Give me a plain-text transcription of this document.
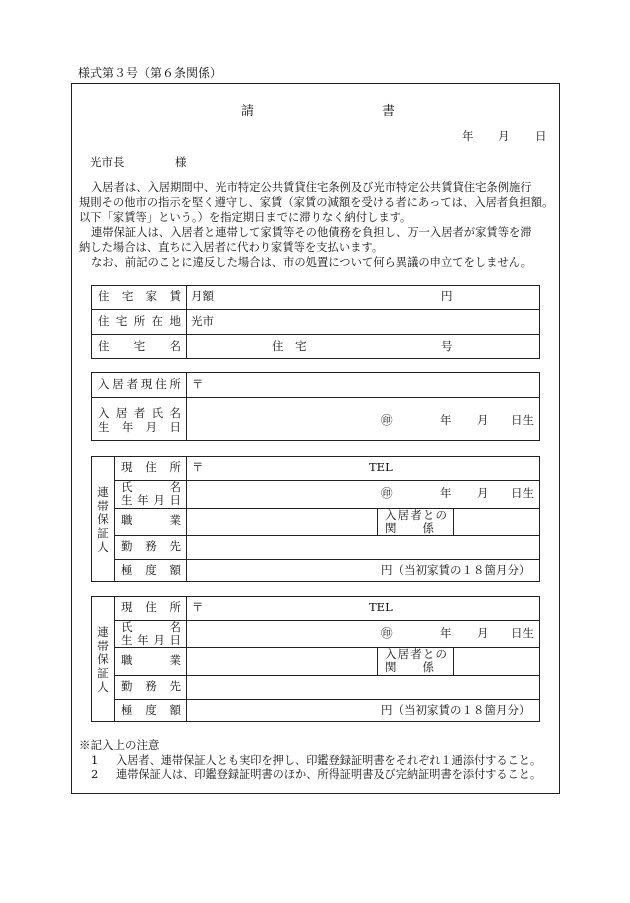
様式第３号（第６条関係）
請	書
年 月 日
光市長	様
入居者は、入居期間中、光市特定公共賃貸住宅条例及び光市特定公共賃貸住宅条例施行
規則その他市の指示を堅く遵守し、家賃（家賃の減額を受ける者にあっては、入居者負担額。
以下「家賃等」という。）を指定期日までに滞りなく納付します。
連帯保証人は、入居者と連帯して家賃等その他債務を負担し、万一入居者が家賃等を滞
納した場合は、直ちに入居者に代わり家賃等を支払います。
なお、前記のことに違反した場合は、市の処置について何ら異議の申立てをしません。
住 宅 家 賃 月額	円
住 宅 所 在 地 光市
住 宅 名	住　宅	号
入 居 者 現 住 所 〒
入 居 者 氏 名
生 年 月 日	㊞	年 月 日生
連
帯
保
証
人
現 住 所 〒	TEL
氏	名
生 年 月 日	㊞	年 月 日生
職	業	入 居 者 と の
関 係
勤 務 先
極 度 額	円（当初家賃の１８箇月分）
連
帯
保
証
人
現 住 所 〒	TEL
氏	名
生 年 月 日	㊞	年 月 日生
職	業	入 居 者 と の
関 係
勤 務 先
極 度 額	円（当初家賃の１８箇月分）
※記入上の注意
1 入居者、連帯保証人とも実印を押し、印鑑登録証明書をそれぞれ１通添付すること。
2 連帯保証人は、印鑑登録証明書のほか、所得証明書及び完納証明書を添付すること。
